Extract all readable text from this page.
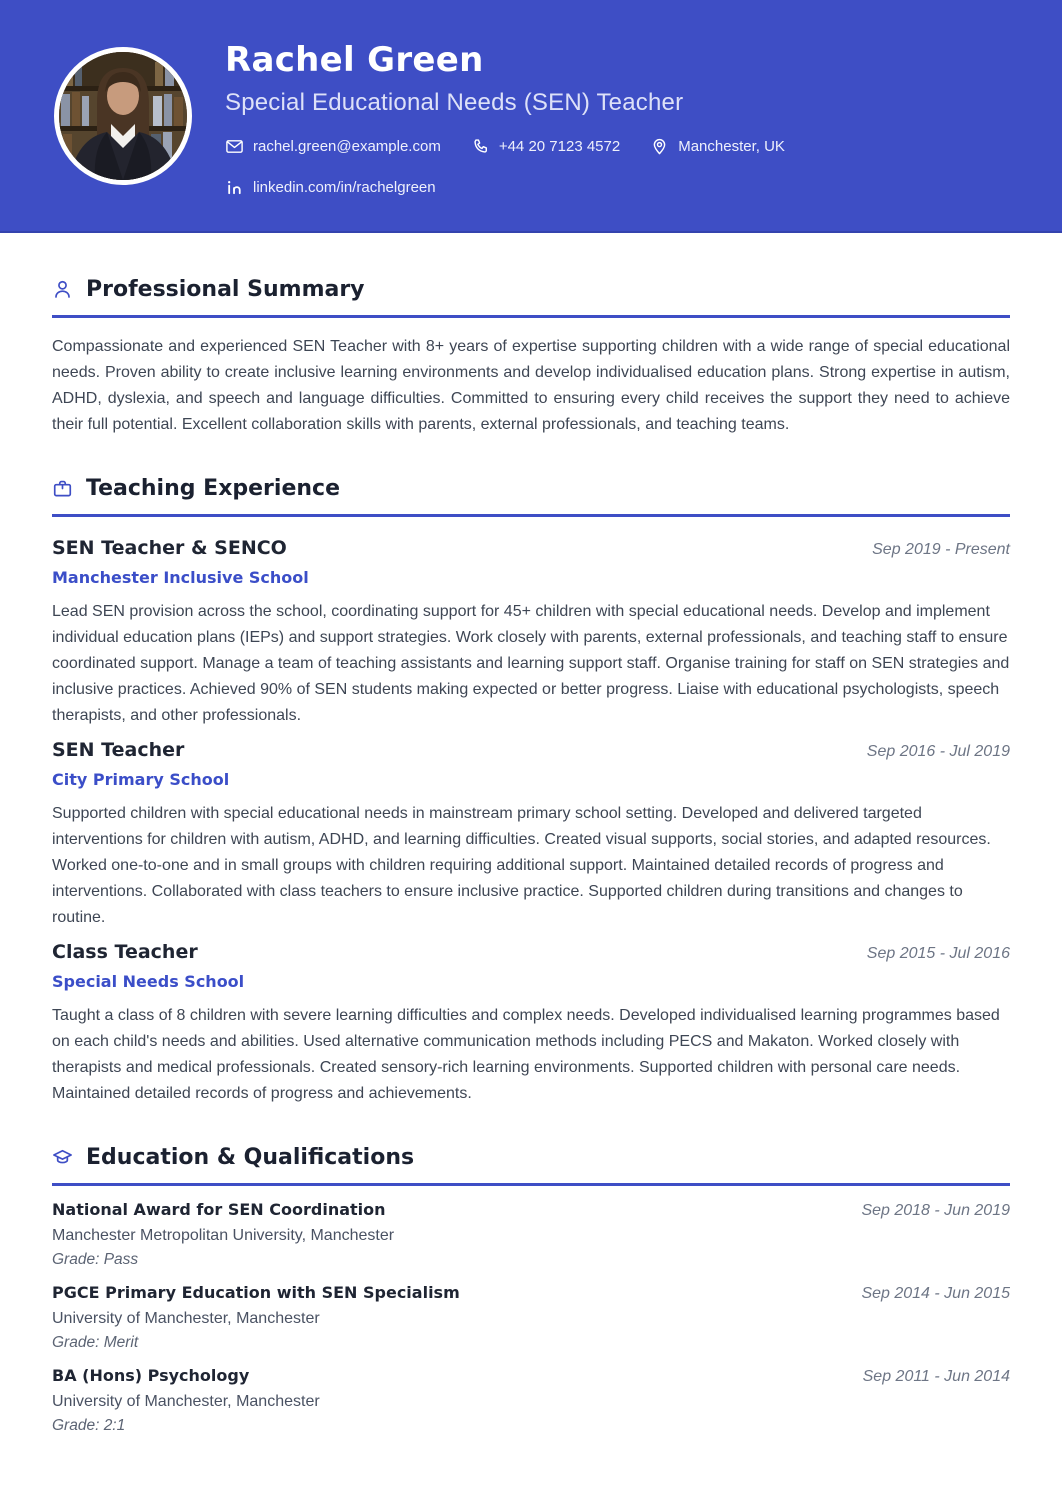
Rachel Green
Special Educational Needs (SEN) Teacher
rachel.green@example.com	+44 20 7123 4572	Manchester, UK
linkedin.com/in/rachelgreen
Professional Summary

Compassionate and experienced SEN Teacher with 8+ years of expertise supporting children with a wide range of special educational needs. Proven ability to create inclusive learning environments and develop individualised education plans. Strong expertise in autism, ADHD, dyslexia, and speech and language difficulties. Committed to ensuring every child receives the support they need to achieve their full potential. Excellent collaboration skills with parents, external professionals, and teaching teams.

Teaching Experience
SEN Teacher & SENCO	Sep 2019 - Present
Manchester Inclusive School

Lead SEN provision across the school, coordinating support for 45+ children with special educational needs. Develop and implement individual education plans (IEPs) and support strategies. Work closely with parents, external professionals, and teaching staff to ensure coordinated support. Manage a team of teaching assistants and learning support staff. Organise training for staff on SEN strategies and inclusive practices. Achieved 90% of SEN students making expected or better progress. Liaise with educational psychologists, speech therapists, and other professionals.

SEN Teacher	Sep 2016 - Jul 2019
City Primary School

Supported children with special educational needs in mainstream primary school setting. Developed and delivered targeted interventions for children with autism, ADHD, and learning difficulties. Created visual supports, social stories, and adapted resources. Worked one-to-one and in small groups with children requiring additional support. Maintained detailed records of progress and interventions. Collaborated with class teachers to ensure inclusive practice. Supported children during transitions and changes to routine.

Class Teacher	Sep 2015 - Jul 2016
Special Needs School

Taught a class of 8 children with severe learning difficulties and complex needs. Developed individualised learning programmes based on each child's needs and abilities. Used alternative communication methods including PECS and Makaton. Worked closely with therapists and medical professionals. Created sensory-rich learning environments. Supported children with personal care needs. Maintained detailed records of progress and achievements.

Education & Qualifications
National Award for SEN Coordination	Sep 2018 - Jun 2019
Manchester Metropolitan University, Manchester
Grade: Pass
PGCE Primary Education with SEN Specialism	Sep 2014 - Jun 2015
University of Manchester, Manchester
Grade: Merit
BA (Hons) Psychology	Sep 2011 - Jun 2014
University of Manchester, Manchester
Grade: 2:1
